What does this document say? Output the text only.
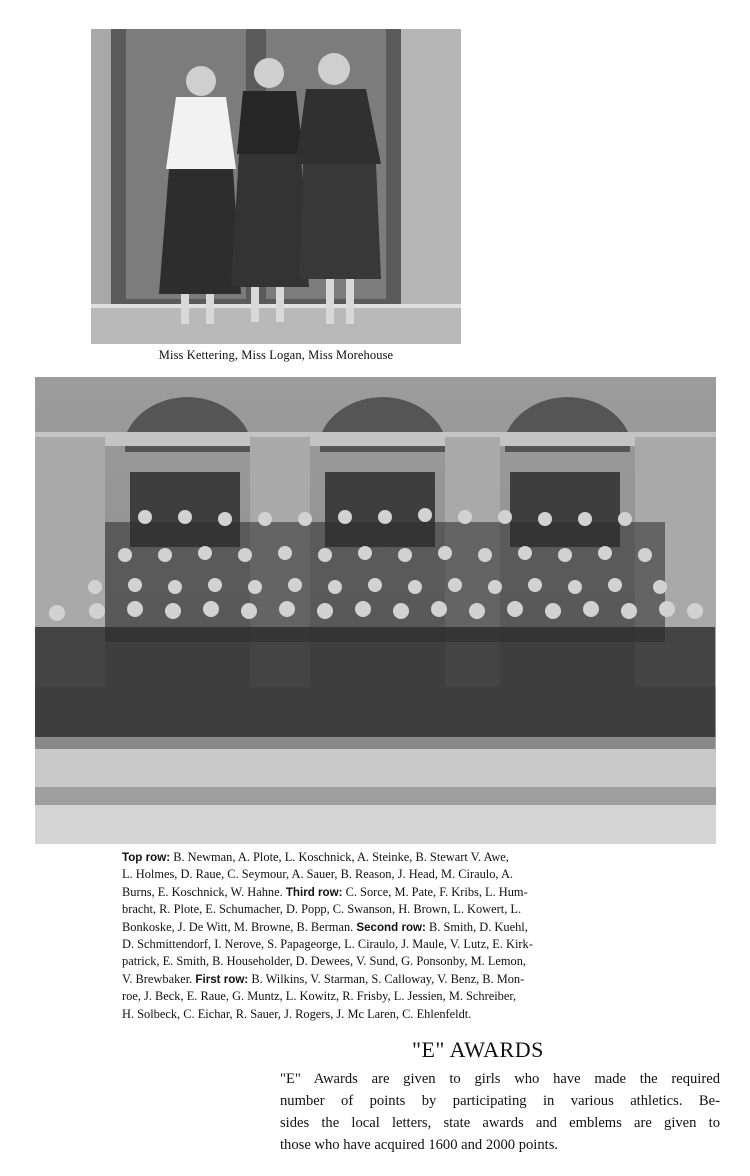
Miss Kettering, Miss Logan, Miss Morehouse
Top row: B. Newman, A. Plote, L. Koschnick, A. Steinke, B. Stewart V. Awe,
L. Holmes, D. Raue, C. Seymour, A. Sauer, B. Reason, J. Head, M. Ciraulo, A.
Burns, E. Koschnick, W. Hahne. Third row: C. Sorce, M. Pate, F. Kribs, L. Hum-
bracht, R. Plote, E. Schumacher, D. Popp, C. Swanson, H. Brown, L. Kowert, L.
Bonkoske, J. De Witt, M. Browne, B. Berman. Second row: B. Smith, D. Kuehl,
D. Schmittendorf, I. Nerove, S. Papageorge, L. Ciraulo, J. Maule, V. Lutz, E. Kirk-
patrick, E. Smith, B. Householder, D. Dewees, V. Sund, G. Ponsonby, M. Lemon,
V. Brewbaker. First row: B. Wilkins, V. Starman, S. Calloway, V. Benz, B. Mon-
roe, J. Beck, E. Raue, G. Muntz, L. Kowitz, R. Frisby, L. Jessien, M. Schreiber,
H. Solbeck, C. Eichar, R. Sauer, J. Rogers, J. Mc Laren, C. Ehlenfeldt.
"E" AWARDS
"E" Awards are given to girls who have made the required
number of points by participating in various athletics. Be-
sides the local letters, state awards and emblems are given to
those who have acquired 1600 and 2000 points.
